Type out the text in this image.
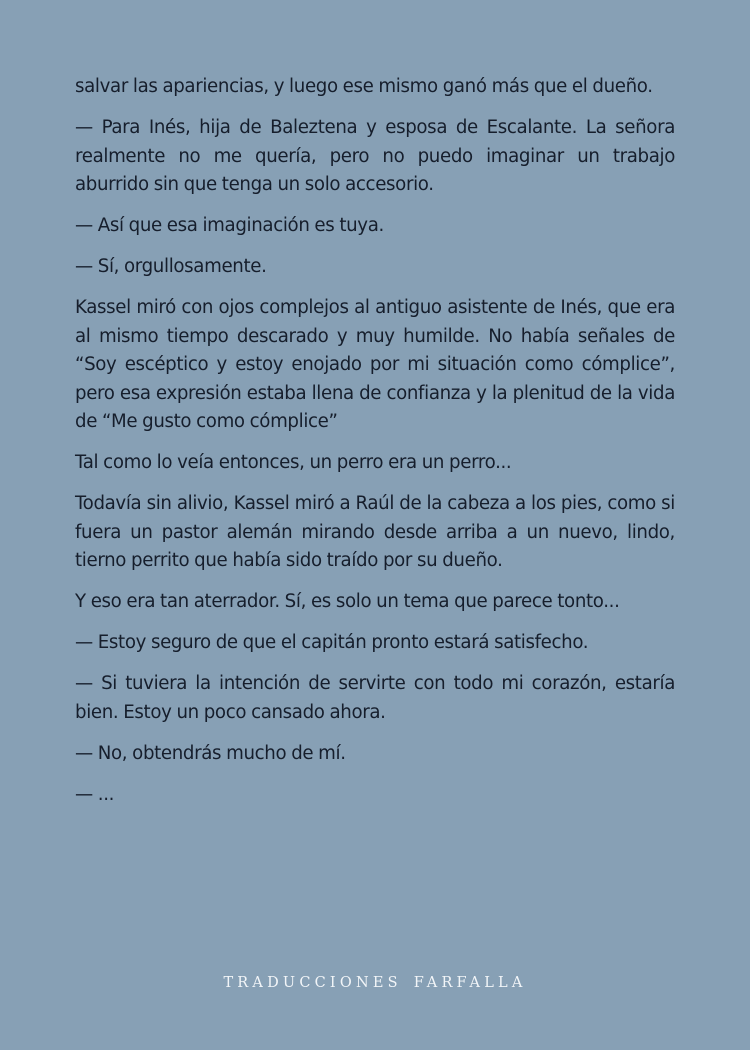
salvar las apariencias, y luego ese mismo ganó más que el dueño.

— Para Inés, hija de Baleztena y esposa de Escalante. La señora realmente no me quería, pero no puedo imaginar un trabajo aburrido sin que tenga un solo accesorio.

— Así que esa imaginación es tuya.

— Sí, orgullosamente.

Kassel miró con ojos complejos al antiguo asistente de Inés, que era al mismo tiempo descarado y muy humilde. No había señales de “Soy escéptico y estoy enojado por mi situación como cómplice”, pero esa expresión estaba llena de confianza y la plenitud de la vida de “Me gusto como cómplice”

Tal como lo veía entonces, un perro era un perro...

Todavía sin alivio, Kassel miró a Raúl de la cabeza a los pies, como si fuera un pastor alemán mirando desde arriba a un nuevo, lindo, tierno perrito que había sido traído por su dueño.

Y eso era tan aterrador. Sí, es solo un tema que parece tonto...

— Estoy seguro de que el capitán pronto estará satisfecho.

— Si tuviera la intención de servirte con todo mi corazón, estaría bien. Estoy un poco cansado ahora.

— No, obtendrás mucho de mí.

— ...

TRADUCCIONES FARFALLA
